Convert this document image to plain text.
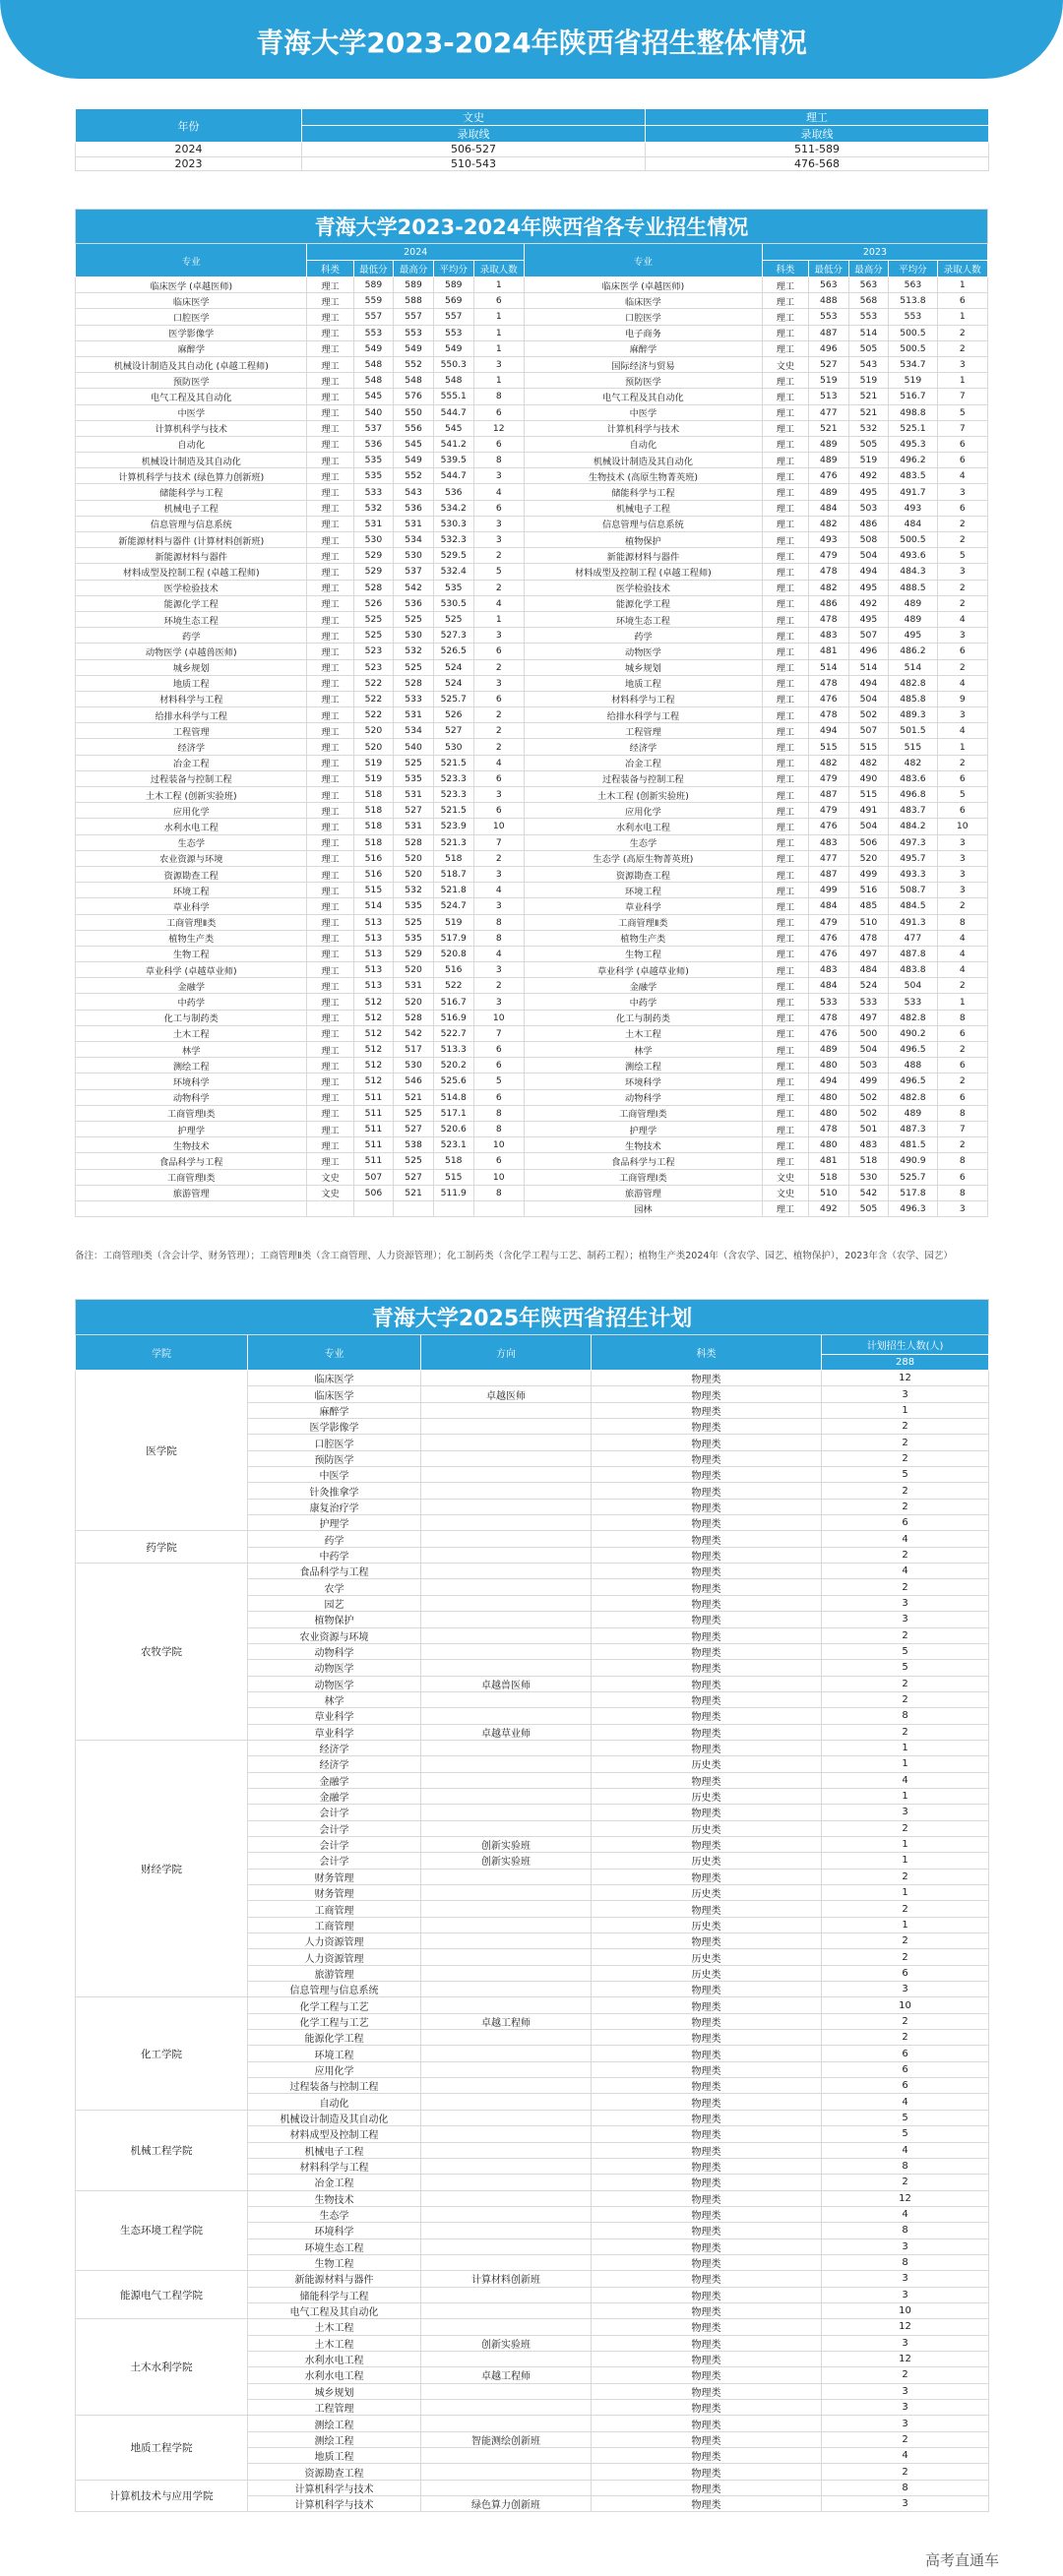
青海大学2023-2024年陕西省招生整体情况
年份	文史	理工
	录取线	录取线
2024	506-527	511-589
2023	510-543	476-568
青海大学2023-2024年陕西省各专业招生情况											
专业	2024					专业	2023				
	科类	最低分	最高分	平均分	录取人数		科类	最低分	最高分	平均分	录取人数
临床医学 (卓越医师)	理工	589	589	589	1	临床医学 (卓越医师)	理工	563	563	563	1
临床医学	理工	559	588	569	6	临床医学	理工	488	568	513.8	6
口腔医学	理工	557	557	557	1	口腔医学	理工	553	553	553	1
医学影像学	理工	553	553	553	1	电子商务	理工	487	514	500.5	2
麻醉学	理工	549	549	549	1	麻醉学	理工	496	505	500.5	2
机械设计制造及其自动化 (卓越工程师)	理工	548	552	550.3	3	国际经济与贸易	文史	527	543	534.7	3
预防医学	理工	548	548	548	1	预防医学	理工	519	519	519	1
电气工程及其自动化	理工	545	576	555.1	8	电气工程及其自动化	理工	513	521	516.7	7
中医学	理工	540	550	544.7	6	中医学	理工	477	521	498.8	5
计算机科学与技术	理工	537	556	545	12	计算机科学与技术	理工	521	532	525.1	7
自动化	理工	536	545	541.2	6	自动化	理工	489	505	495.3	6
机械设计制造及其自动化	理工	535	549	539.5	8	机械设计制造及其自动化	理工	489	519	496.2	6
计算机科学与技术 (绿色算力创新班)	理工	535	552	544.7	3	生物技术 (高原生物菁英班)	理工	476	492	483.5	4
储能科学与工程	理工	533	543	536	4	储能科学与工程	理工	489	495	491.7	3
机械电子工程	理工	532	536	534.2	6	机械电子工程	理工	484	503	493	6
信息管理与信息系统	理工	531	531	530.3	3	信息管理与信息系统	理工	482	486	484	2
新能源材料与器件 (计算材料创新班)	理工	530	534	532.3	3	植物保护	理工	493	508	500.5	2
新能源材料与器件	理工	529	530	529.5	2	新能源材料与器件	理工	479	504	493.6	5
材料成型及控制工程 (卓越工程师)	理工	529	537	532.4	5	材料成型及控制工程 (卓越工程师)	理工	478	494	484.3	3
医学检验技术	理工	528	542	535	2	医学检验技术	理工	482	495	488.5	2
能源化学工程	理工	526	536	530.5	4	能源化学工程	理工	486	492	489	2
环境生态工程	理工	525	525	525	1	环境生态工程	理工	478	495	489	4
药学	理工	525	530	527.3	3	药学	理工	483	507	495	3
动物医学 (卓越兽医师)	理工	523	532	526.5	6	动物医学	理工	481	496	486.2	6
城乡规划	理工	523	525	524	2	城乡规划	理工	514	514	514	2
地质工程	理工	522	528	524	3	地质工程	理工	478	494	482.8	4
材料科学与工程	理工	522	533	525.7	6	材料科学与工程	理工	476	504	485.8	9
给排水科学与工程	理工	522	531	526	2	给排水科学与工程	理工	478	502	489.3	3
工程管理	理工	520	534	527	2	工程管理	理工	494	507	501.5	4
经济学	理工	520	540	530	2	经济学	理工	515	515	515	1
冶金工程	理工	519	525	521.5	4	冶金工程	理工	482	482	482	2
过程装备与控制工程	理工	519	535	523.3	6	过程装备与控制工程	理工	479	490	483.6	6
土木工程 (创新实验班)	理工	518	531	523.3	3	土木工程 (创新实验班)	理工	487	515	496.8	5
应用化学	理工	518	527	521.5	6	应用化学	理工	479	491	483.7	6
水利水电工程	理工	518	531	523.9	10	水利水电工程	理工	476	504	484.2	10
生态学	理工	518	528	521.3	7	生态学	理工	483	506	497.3	3
农业资源与环境	理工	516	520	518	2	生态学 (高原生物菁英班)	理工	477	520	495.7	3
资源勘查工程	理工	516	520	518.7	3	资源勘查工程	理工	487	499	493.3	3
环境工程	理工	515	532	521.8	4	环境工程	理工	499	516	508.7	3
草业科学	理工	514	535	524.7	3	草业科学	理工	484	485	484.5	2
工商管理Ⅱ类	理工	513	525	519	8	工商管理Ⅱ类	理工	479	510	491.3	8
植物生产类	理工	513	535	517.9	8	植物生产类	理工	476	478	477	4
生物工程	理工	513	529	520.8	4	生物工程	理工	476	497	487.8	4
草业科学 (卓越草业师)	理工	513	520	516	3	草业科学 (卓越草业师)	理工	483	484	483.8	4
金融学	理工	513	531	522	2	金融学	理工	484	524	504	2
中药学	理工	512	520	516.7	3	中药学	理工	533	533	533	1
化工与制药类	理工	512	528	516.9	10	化工与制药类	理工	478	497	482.8	8
土木工程	理工	512	542	522.7	7	土木工程	理工	476	500	490.2	6
林学	理工	512	517	513.3	6	林学	理工	489	504	496.5	2
测绘工程	理工	512	530	520.2	6	测绘工程	理工	480	503	488	6
环境科学	理工	512	546	525.6	5	环境科学	理工	494	499	496.5	2
动物科学	理工	511	521	514.8	6	动物科学	理工	480	502	482.8	6
工商管理Ⅰ类	理工	511	525	517.1	8	工商管理Ⅰ类	理工	480	502	489	8
护理学	理工	511	527	520.6	8	护理学	理工	478	501	487.3	7
生物技术	理工	511	538	523.1	10	生物技术	理工	480	483	481.5	2
食品科学与工程	理工	511	525	518	6	食品科学与工程	理工	481	518	490.9	8
工商管理Ⅰ类	文史	507	527	515	10	工商管理Ⅰ类	文史	518	530	525.7	6
旅游管理	文史	506	521	511.9	8	旅游管理	文史	510	542	517.8	8
						园林	理工	492	505	496.3	3
备注：工商管理Ⅰ类（含会计学、财务管理）；工商管理Ⅱ类（含工商管理、人力资源管理）；化工制药类（含化学工程与工艺、制药工程）；植物生产类2024年（含农学、园艺、植物保护），2023年含（农学、园艺）
青海大学2025年陕西省招生计划				
学院	专业	方向	科类	计划招生人数(人)
				288
医学院	临床医学		物理类	12
	临床医学	卓越医师	物理类	3
	麻醉学		物理类	1
	医学影像学		物理类	2
	口腔医学		物理类	2
	预防医学		物理类	2
	中医学		物理类	5
	针灸推拿学		物理类	2
	康复治疗学		物理类	2
	护理学		物理类	6
药学院	药学		物理类	4
	中药学		物理类	2
农牧学院	食品科学与工程		物理类	4
	农学		物理类	2
	园艺		物理类	3
	植物保护		物理类	3
	农业资源与环境		物理类	2
	动物科学		物理类	5
	动物医学		物理类	5
	动物医学	卓越兽医师	物理类	2
	林学		物理类	2
	草业科学		物理类	8
	草业科学	卓越草业师	物理类	2
财经学院	经济学		物理类	1
	经济学		历史类	1
	金融学		物理类	4
	金融学		历史类	1
	会计学		物理类	3
	会计学		历史类	2
	会计学	创新实验班	物理类	1
	会计学	创新实验班	历史类	1
	财务管理		物理类	2
	财务管理		历史类	1
	工商管理		物理类	2
	工商管理		历史类	1
	人力资源管理		物理类	2
	人力资源管理		历史类	2
	旅游管理		历史类	6
	信息管理与信息系统		物理类	3
化工学院	化学工程与工艺		物理类	10
	化学工程与工艺	卓越工程师	物理类	2
	能源化学工程		物理类	2
	环境工程		物理类	6
	应用化学		物理类	6
	过程装备与控制工程		物理类	6
	自动化		物理类	4
机械工程学院	机械设计制造及其自动化		物理类	5
	材料成型及控制工程		物理类	5
	机械电子工程		物理类	4
	材料科学与工程		物理类	8
	冶金工程		物理类	2
生态环境工程学院	生物技术		物理类	12
	生态学		物理类	4
	环境科学		物理类	8
	环境生态工程		物理类	3
	生物工程		物理类	8
能源电气工程学院	新能源材料与器件	计算材料创新班	物理类	3
	储能科学与工程		物理类	3
	电气工程及其自动化		物理类	10
土木水利学院	土木工程		物理类	12
	土木工程	创新实验班	物理类	3
	水利水电工程		物理类	12
	水利水电工程	卓越工程师	物理类	2
	城乡规划		物理类	3
	工程管理		物理类	3
地质工程学院	测绘工程		物理类	3
	测绘工程	智能测绘创新班	物理类	2
	地质工程		物理类	4
	资源勘查工程		物理类	2
计算机技术与应用学院	计算机科学与技术		物理类	8
	计算机科学与技术	绿色算力创新班	物理类	3
高考直通车
